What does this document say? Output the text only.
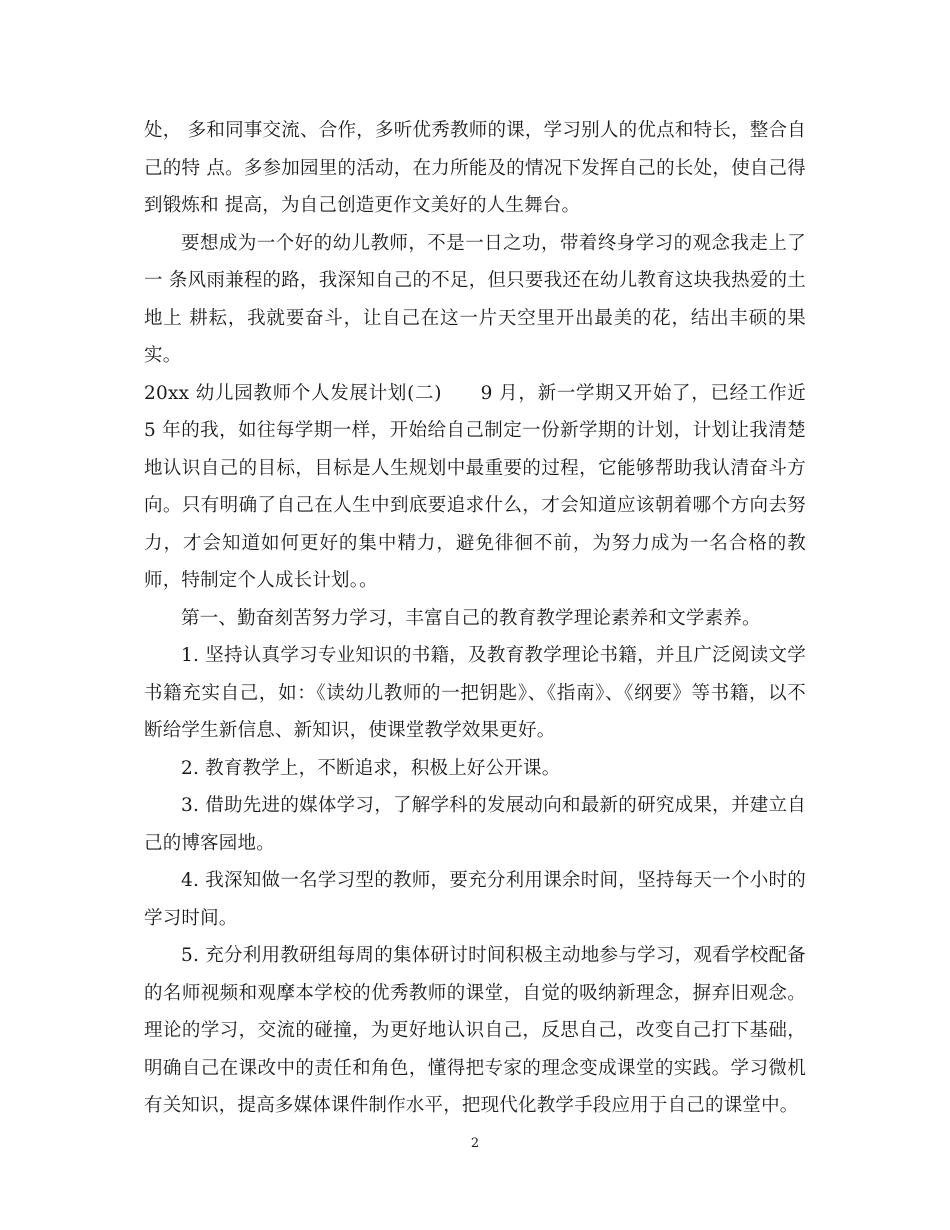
处， 多和同事交流、合作，多听优秀教师的课，学习别人的优点和特长，整合自己的特 点。多参加园里的活动，在力所能及的情况下发挥自己的长处，使自己得到锻炼和 提高，为自己创造更作文美好的人生舞台。

要想成为一个好的幼儿教师，不是一日之功，带着终身学习的观念我走上了一 条风雨兼程的路，我深知自己的不足，但只要我还在幼儿教育这块我热爱的土地上 耕耘，我就要奋斗，让自己在这一片天空里开出最美的花，结出丰硕的果实。

20xx 幼儿园教师个人发展计划(二)　　9 月，新一学期又开始了，已经工作近 5 年的我，如往每学期一样，开始给自己制定一份新学期的计划，计划让我清楚地认识自己的目标，目标是人生规划中最重要的过程，它能够帮助我认清奋斗方向。只有明确了自己在人生中到底要追求什么，才会知道应该朝着哪个方向去努力，才会知道如何更好的集中精力，避免徘徊不前，为努力成为一名合格的教师，特制定个人成长计划。。

第一、勤奋刻苦努力学习，丰富自己的教育教学理论素养和文学素养。

1. 坚持认真学习专业知识的书籍，及教育教学理论书籍，并且广泛阅读文学书籍充实自己，如：《读幼儿教师的一把钥匙》、《指南》、《纲要》等书籍，以不断给学生新信息、新知识，使课堂教学效果更好。

2. 教育教学上，不断追求，积极上好公开课。

3. 借助先进的媒体学习，了解学科的发展动向和最新的研究成果，并建立自己的博客园地。

4. 我深知做一名学习型的教师，要充分利用课余时间，坚持每天一个小时的学习时间。

5. 充分利用教研组每周的集体研讨时间积极主动地参与学习，观看学校配备的名师视频和观摩本学校的优秀教师的课堂，自觉的吸纳新理念，摒弃旧观念。理论的学习，交流的碰撞，为更好地认识自己，反思自己，改变自己打下基础，明确自己在课改中的责任和角色，懂得把专家的理念变成课堂的实践。学习微机有关知识，提高多媒体课件制作水平，把现代化教学手段应用于自己的课堂中。

2
